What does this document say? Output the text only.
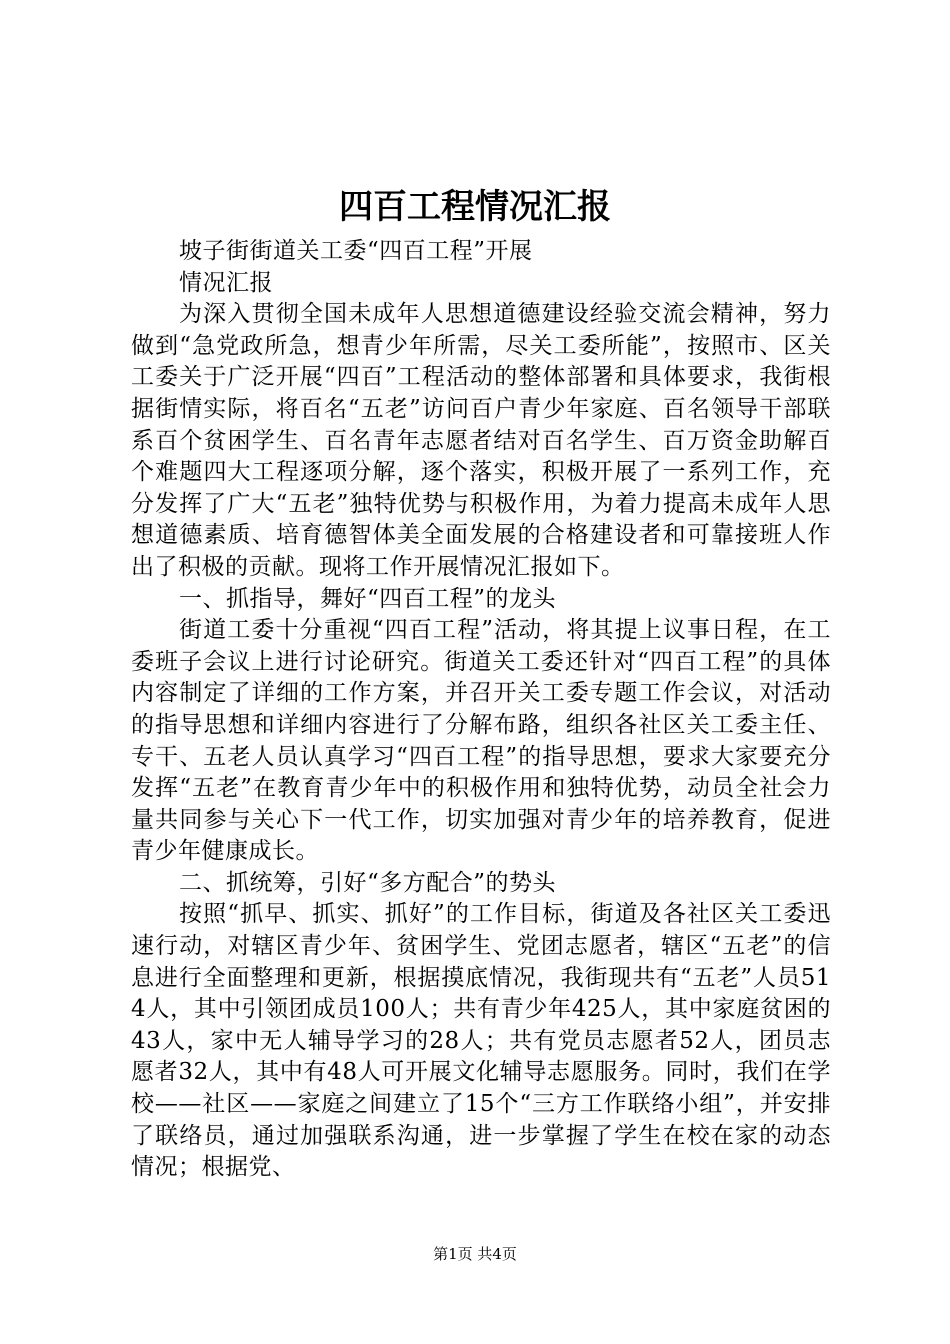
四百工程情况汇报

坡子街街道关工委“四百工程”开展

情况汇报

为深入贯彻全国未成年人思想道德建设经验交流会精神，努力做到“急党政所急，想青少年所需，尽关工委所能”，按照市、区关工委关于广泛开展“四百”工程活动的整体部署和具体要求，我街根据街情实际，将百名“五老”访问百户青少年家庭、百名领导干部联系百个贫困学生、百名青年志愿者结对百名学生、百万资金助解百个难题四大工程逐项分解，逐个落实，积极开展了一系列工作，充分发挥了广大“五老”独特优势与积极作用，为着力提高未成年人思想道德素质、培育德智体美全面发展的合格建设者和可靠接班人作出了积极的贡献。现将工作开展情况汇报如下。

一、抓指导，舞好“四百工程”的龙头

街道工委十分重视“四百工程”活动，将其提上议事日程，在工委班子会议上进行讨论研究。街道关工委还针对“四百工程”的具体内容制定了详细的工作方案，并召开关工委专题工作会议，对活动的指导思想和详细内容进行了分解布路，组织各社区关工委主任、专干、五老人员认真学习“四百工程”的指导思想，要求大家要充分发挥“五老”在教育青少年中的积极作用和独特优势，动员全社会力量共同参与关心下一代工作，切实加强对青少年的培养教育，促进青少年健康成长。

二、抓统筹，引好“多方配合”的势头

按照“抓早、抓实、抓好”的工作目标，街道及各社区关工委迅速行动，对辖区青少年、贫困学生、党团志愿者，辖区“五老”的信息进行全面整理和更新，根据摸底情况，我街现共有“五老”人员514人，其中引领团成员100人；共有青少年425人，其中家庭贫困的43人，家中无人辅导学习的28人；共有党员志愿者52人，团员志愿者32人，其中有48人可开展文化辅导志愿服务。同时，我们在学校——社区——家庭之间建立了15个“三方工作联络小组”，并安排了联络员，通过加强联系沟通，进一步掌握了学生在校在家的动态情况；根据党、

第1页 共4页
